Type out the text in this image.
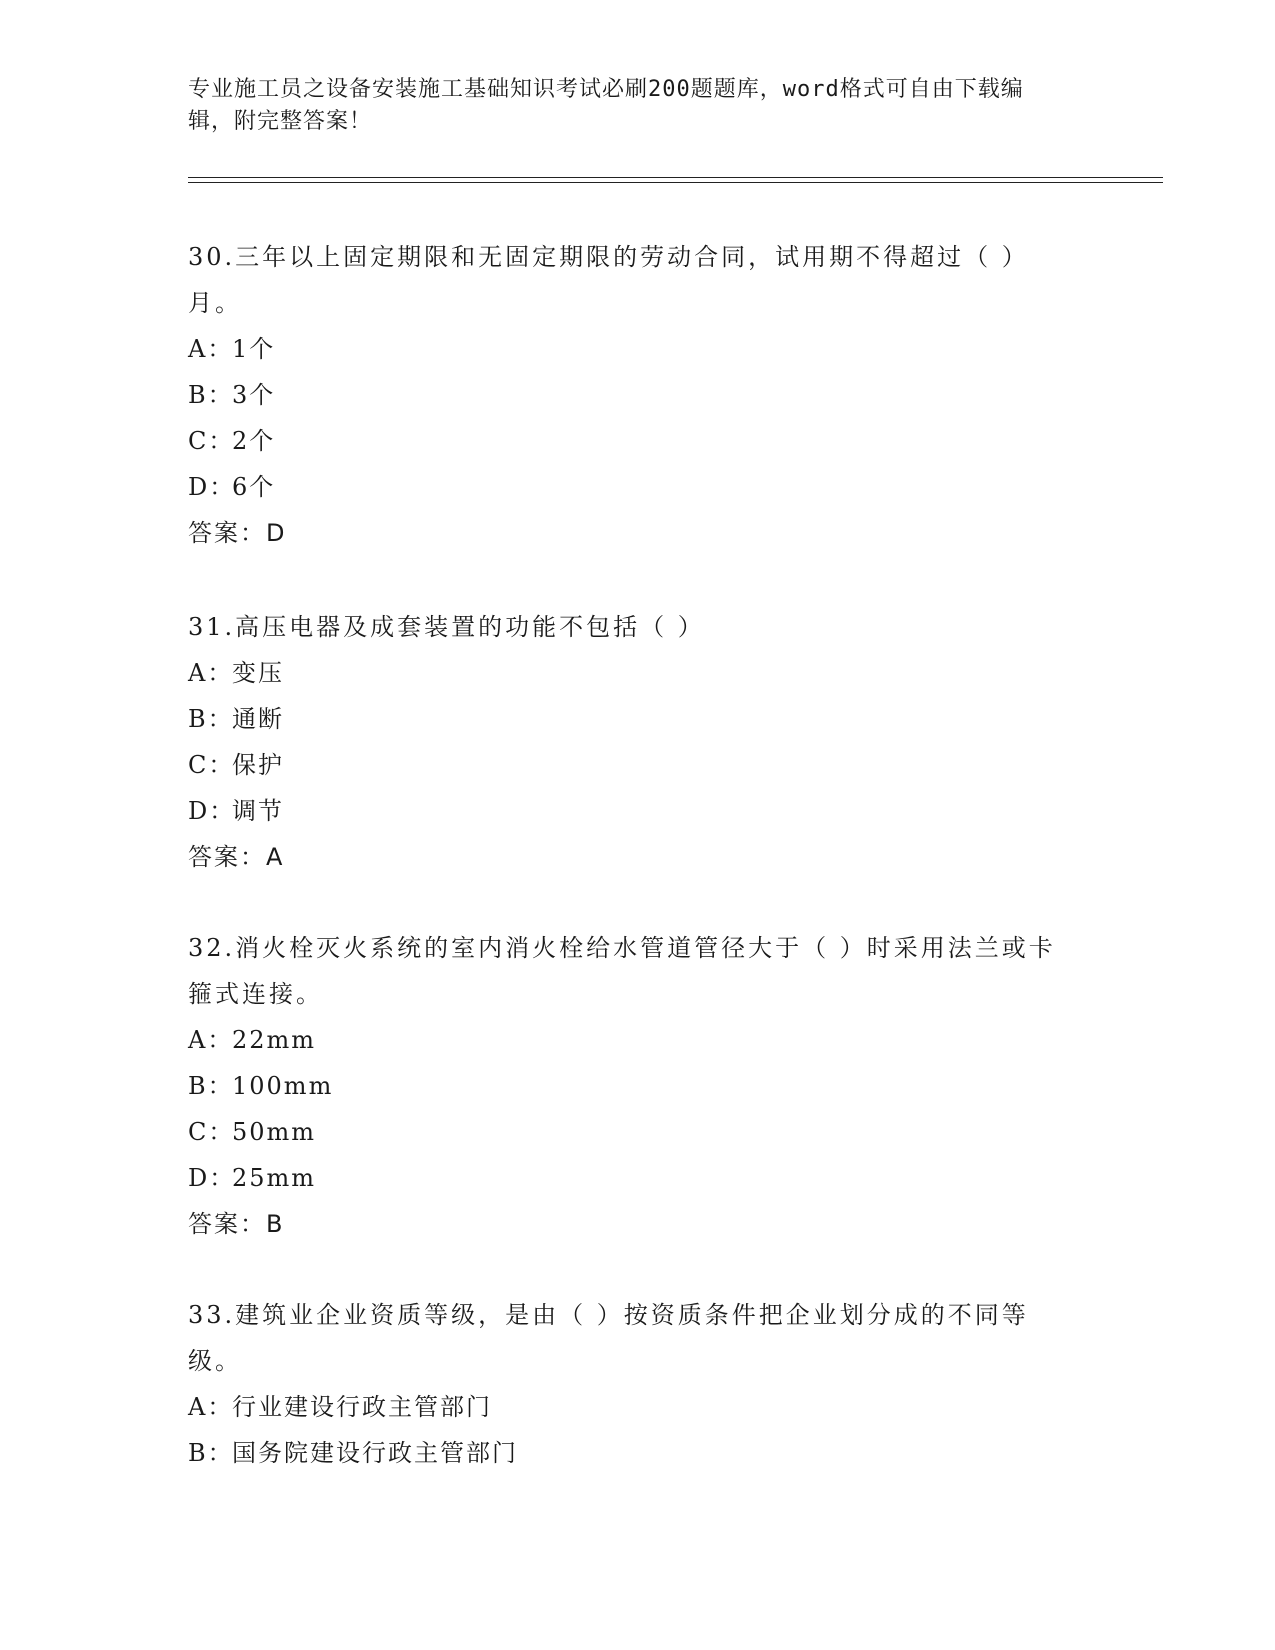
专业施工员之设备安装施工基础知识考试必刷200题题库，word格式可自由下载编辑，附完整答案！

30.三年以上固定期限和无固定期限的劳动合同，试用期不得超过（ ）月。

A：1个

B：3个

C：2个

D：6个

答案：D

31.高压电器及成套装置的功能不包括（ ）

A：变压

B：通断

C：保护

D：调节

答案：A

32.消火栓灭火系统的室内消火栓给水管道管径大于（ ）时采用法兰或卡箍式连接。

A：22mm

B：100mm

C：50mm

D：25mm

答案：B

33.建筑业企业资质等级，是由（ ）按资质条件把企业划分成的不同等级。

A：行业建设行政主管部门

B：国务院建设行政主管部门
